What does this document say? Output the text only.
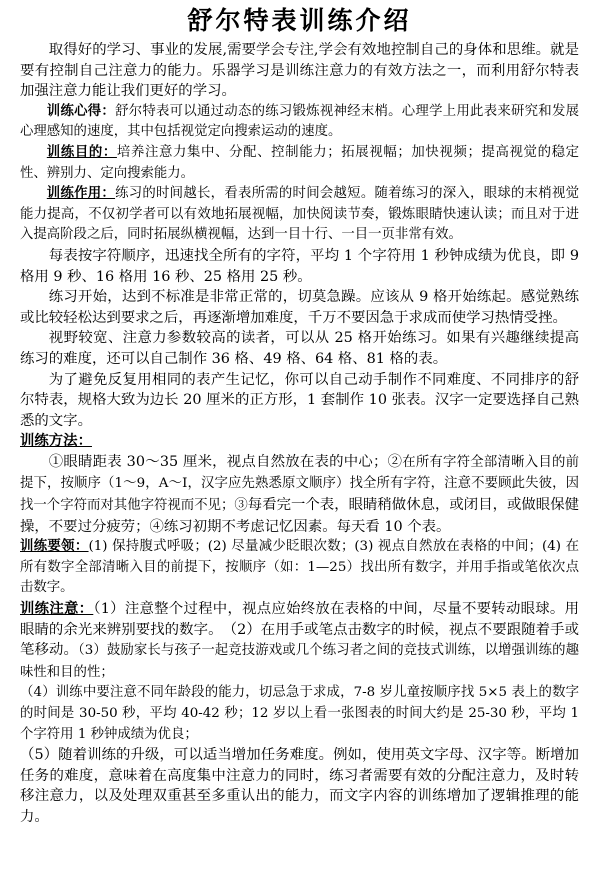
舒尔特表训练介绍

取得好的学习、事业的发展,需要学会专注,学会有效地控制自己的身体和思维。就是要有控制自己注意力的能力。乐器学习是训练注意力的有效方法之一，而利用舒尔特表加强注意力能让我们更好的学习。

训练心得：舒尔特表可以通过动态的练习锻炼视神经末梢。心理学上用此表来研究和发展心理感知的速度，其中包括视觉定向搜索运动的速度。

训练目的：培养注意力集中、分配、控制能力；拓展视幅；加快视频；提高视觉的稳定性、辨别力、定向搜索能力。

训练作用：练习的时间越长，看表所需的时间会越短。随着练习的深入，眼球的末梢视觉能力提高，不仅初学者可以有效地拓展视幅，加快阅读节奏，锻炼眼睛快速认读；而且对于进入提高阶段之后，同时拓展纵横视幅，达到一目十行、一目一页非常有效。

每表按字符顺序，迅速找全所有的字符，平均 1 个字符用 1 秒钟成绩为优良，即 9 格用 9 秒、16 格用 16 秒、25 格用 25 秒。

练习开始，达到不标准是非常正常的，切莫急躁。应该从 9 格开始练起。感觉熟练或比较轻松达到要求之后，再逐渐增加难度，千万不要因急于求成而使学习热情受挫。

视野较宽、注意力参数较高的读者，可以从 25 格开始练习。如果有兴趣继续提高练习的难度，还可以自己制作 36 格、49 格、64 格、81 格的表。

为了避免反复用相同的表产生记忆，你可以自己动手制作不同难度、不同排序的舒尔特表，规格大致为边长 20 厘米的正方形，1 套制作 10 张表。汉字一定要选择自己熟悉的文字。

训练方法：

①眼睛距表 30～35 厘米，视点自然放在表的中心；②在所有字符全部清晰入目的前提下，按顺序（1～9，A～I，汉字应先熟悉原文顺序）找全所有字符，注意不要顾此失彼，因找一个字符而对其他字符视而不见；③每看完一个表，眼睛稍做休息，或闭目，或做眼保健操，不要过分疲劳；④练习初期不考虑记忆因素。每天看 10 个表。

训练要领：(1) 保持腹式呼吸；(2) 尽量减少眨眼次数；(3) 视点自然放在表格的中间；(4) 在所有数字全部清晰入目的前提下，按顺序（如：1—25）找出所有数字，并用手指或笔依次点击数字。

训练注意：（1）注意整个过程中，视点应始终放在表格的中间，尽量不要转动眼球。用眼睛的余光来辨别要找的数字。　（2）在用手或笔点击数字的时候，视点不要跟随着手或笔移动。（3）鼓励家长与孩子一起竞技游戏或几个练习者之间的竞技式训练，以增强训练的趣味性和目的性；

（4）训练中要注意不同年龄段的能力，切忌急于求成，7-8 岁儿童按顺序找 5×5 表上的数字的时间是 30-50 秒，平均 40-42 秒；12 岁以上看一张图表的时间大约是 25-30 秒，平均 1 个字符用 1 秒钟成绩为优良；

（5）随着训练的升级，可以适当增加任务难度。例如，使用英文字母、汉字等。断增加任务的难度，意味着在高度集中注意力的同时，练习者需要有效的分配注意力，及时转移注意力，以及处理双重甚至多重认出的能力，而文字内容的训练增加了逻辑推理的能力。
